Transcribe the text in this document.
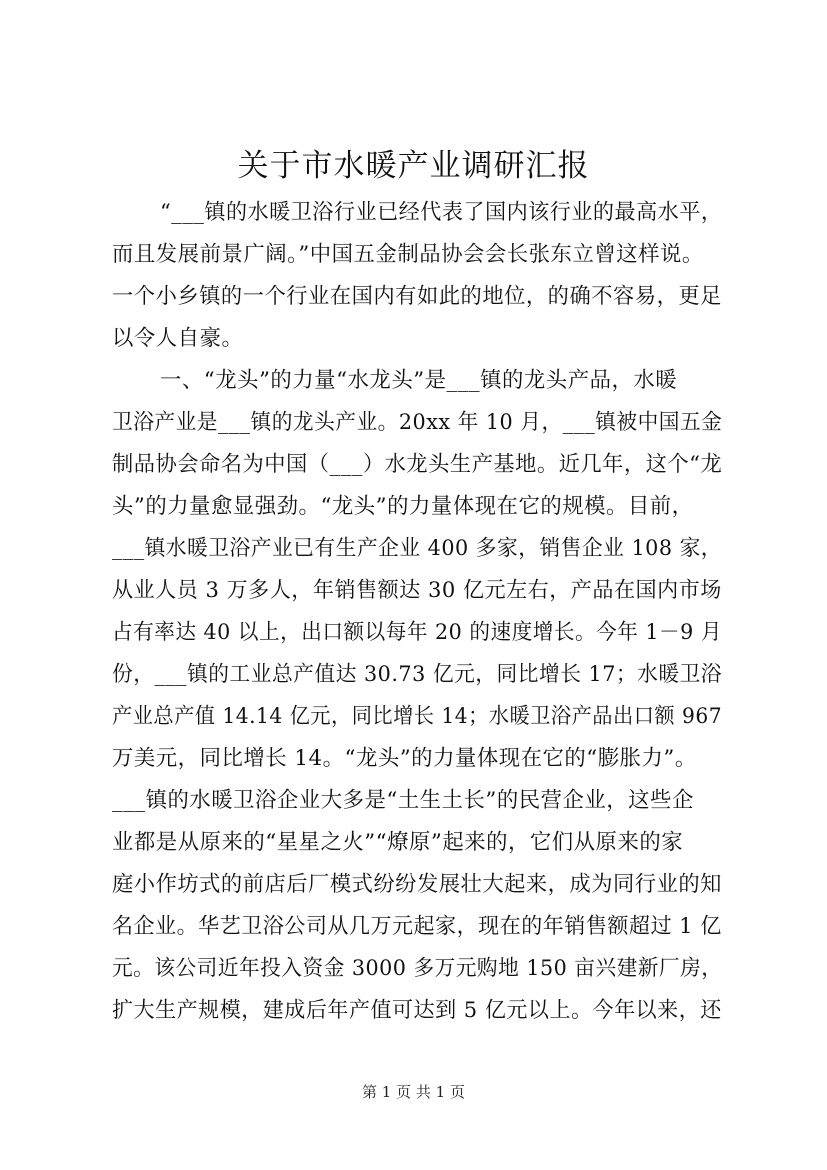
关于市水暖产业调研汇报
“___镇的水暖卫浴行业已经代表了国内该行业的最高水平，
而且发展前景广阔。”中国五金制品协会会长张东立曾这样说。
一个小乡镇的一个行业在国内有如此的地位，的确不容易，更足
以令人自豪。
一、“龙头”的力量“水龙头”是___镇的龙头产品，水暖
卫浴产业是___镇的龙头产业。20xx 年 10 月，___镇被中国五金
制品协会命名为中国（___）水龙头生产基地。近几年，这个“龙
头”的力量愈显强劲。“龙头”的力量体现在它的规模。目前，
___镇水暖卫浴产业已有生产企业 400 多家，销售企业 108 家，
从业人员 3 万多人，年销售额达 30 亿元左右，产品在国内市场
占有率达 40 以上，出口额以每年 20 的速度增长。今年 1－9 月
份，___镇的工业总产值达 30.73 亿元，同比增长 17；水暖卫浴
产业总产值 14.14 亿元，同比增长 14；水暖卫浴产品出口额 967
万美元，同比增长 14。“龙头”的力量体现在它的“膨胀力”。
___镇的水暖卫浴企业大多是“土生土长”的民营企业，这些企
业都是从原来的“星星之火”“燎原”起来的，它们从原来的家
庭小作坊式的前店后厂模式纷纷发展壮大起来，成为同行业的知
名企业。华艺卫浴公司从几万元起家，现在的年销售额超过 1 亿
元。该公司近年投入资金 3000 多万元购地 150 亩兴建新厂房，
扩大生产规模，建成后年产值可达到 5 亿元以上。今年以来，还
第 1 页 共 1 页
